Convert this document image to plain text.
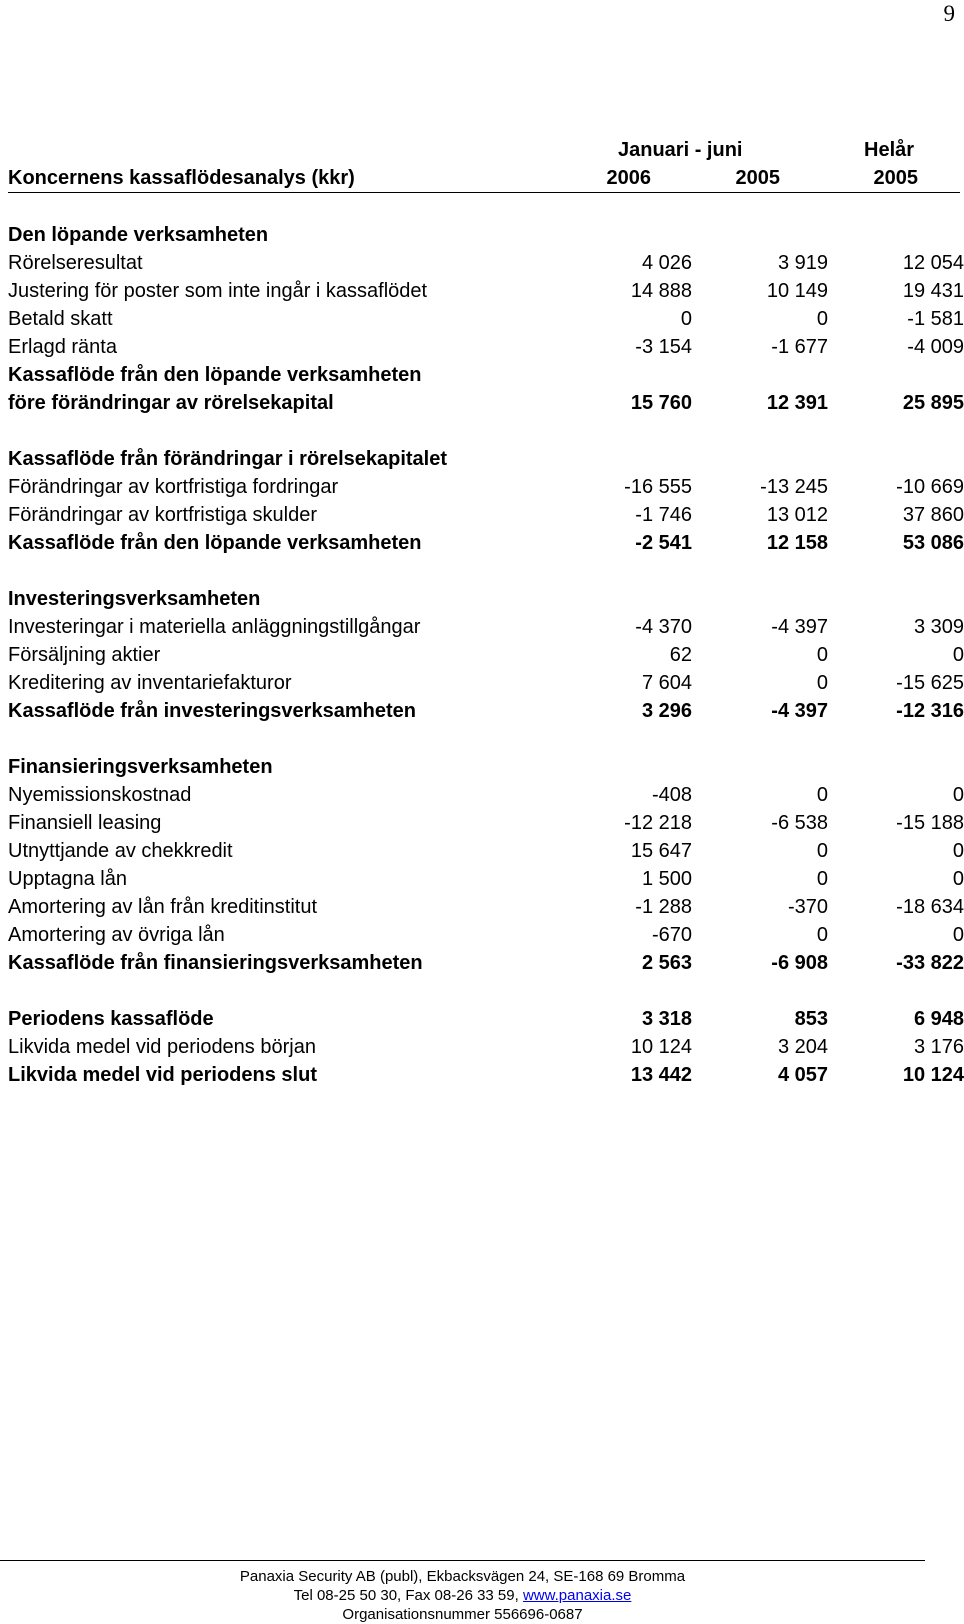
9
Januari - juni	Helår
Koncernens kassaflödesanalys (kkr)	2006	2005	2005
Den löpande verksamheten
Rörelseresultat	4 026	3 919	12 054
Justering för poster som inte ingår i kassaflödet	14 888	10 149	19 431
Betald skatt	0	0	-1 581
Erlagd ränta	-3 154	-1 677	-4 009
Kassaflöde från den löpande verksamheten
före förändringar av rörelsekapital	15 760	12 391	25 895
Kassaflöde från förändringar i rörelsekapitalet
Förändringar av kortfristiga fordringar	-16 555	-13 245	-10 669
Förändringar av kortfristiga skulder	-1 746	13 012	37 860
Kassaflöde från den löpande verksamheten	-2 541	12 158	53 086
Investeringsverksamheten
Investeringar i materiella anläggningstillgångar	-4 370	-4 397	3 309
Försäljning aktier	62	0	0
Kreditering av inventariefakturor	7 604	0	-15 625
Kassaflöde från investeringsverksamheten	3 296	-4 397	-12 316
Finansieringsverksamheten
Nyemissionskostnad	-408	0	0
Finansiell leasing	-12 218	-6 538	-15 188
Utnyttjande av chekkredit	15 647	0	0
Upptagna lån	1 500	0	0
Amortering av lån från kreditinstitut	-1 288	-370	-18 634
Amortering av övriga lån	-670	0	0
Kassaflöde från finansieringsverksamheten	2 563	-6 908	-33 822
Periodens kassaflöde	3 318	853	6 948
Likvida medel vid periodens början	10 124	3 204	3 176
Likvida medel vid periodens slut	13 442	4 057	10 124
Panaxia Security AB (publ), Ekbacksvägen 24, SE-168 69 Bromma
Tel 08-25 50 30, Fax 08-26 33 59, www.panaxia.se
Organisationsnummer 556696-0687
